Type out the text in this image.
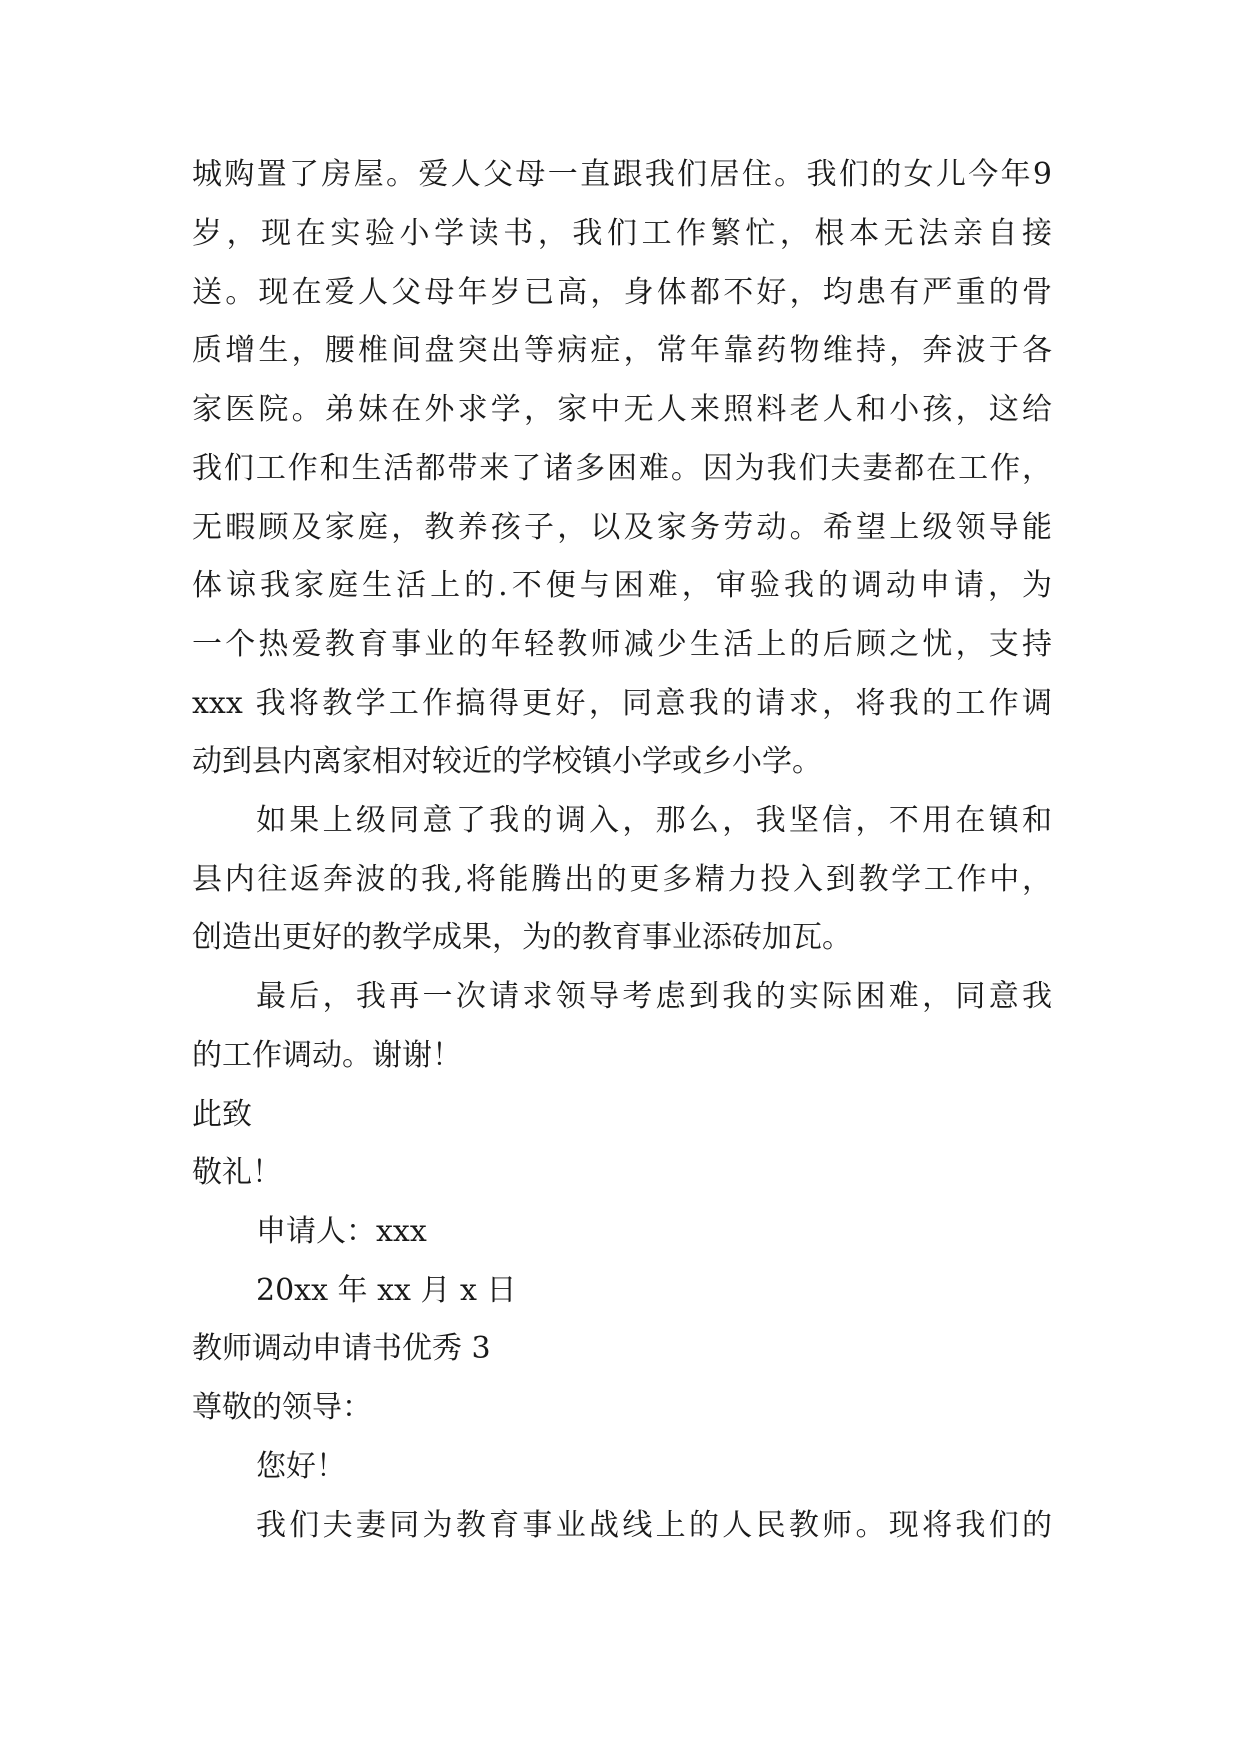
城购置了房屋。爱人父母一直跟我们居住。我们的女儿今年9
岁，现在实验小学读书，我们工作繁忙，根本无法亲自接
送。现在爱人父母年岁已高，身体都不好，均患有严重的骨
质增生，腰椎间盘突出等病症，常年靠药物维持，奔波于各
家医院。弟妹在外求学，家中无人来照料老人和小孩，这给
我们工作和生活都带来了诸多困难。因为我们夫妻都在工作，
无暇顾及家庭，教养孩子，以及家务劳动。希望上级领导能
体谅我家庭生活上的.不便与困难，审验我的调动申请，为
一个热爱教育事业的年轻教师减少生活上的后顾之忧，支持
xxx 我将教学工作搞得更好，同意我的请求，将我的工作调
动到县内离家相对较近的学校镇小学或乡小学。
如果上级同意了我的调入，那么，我坚信，不用在镇和
县内往返奔波的我,将能腾出的更多精力投入到教学工作中，
创造出更好的教学成果，为的教育事业添砖加瓦。
最后，我再一次请求领导考虑到我的实际困难，同意我
的工作调动。谢谢！
此致
敬礼！
申请人：xxx
20xx 年 xx 月 x 日
教师调动申请书优秀 3
尊敬的领导：
您好！
我们夫妻同为教育事业战线上的人民教师。现将我们的
